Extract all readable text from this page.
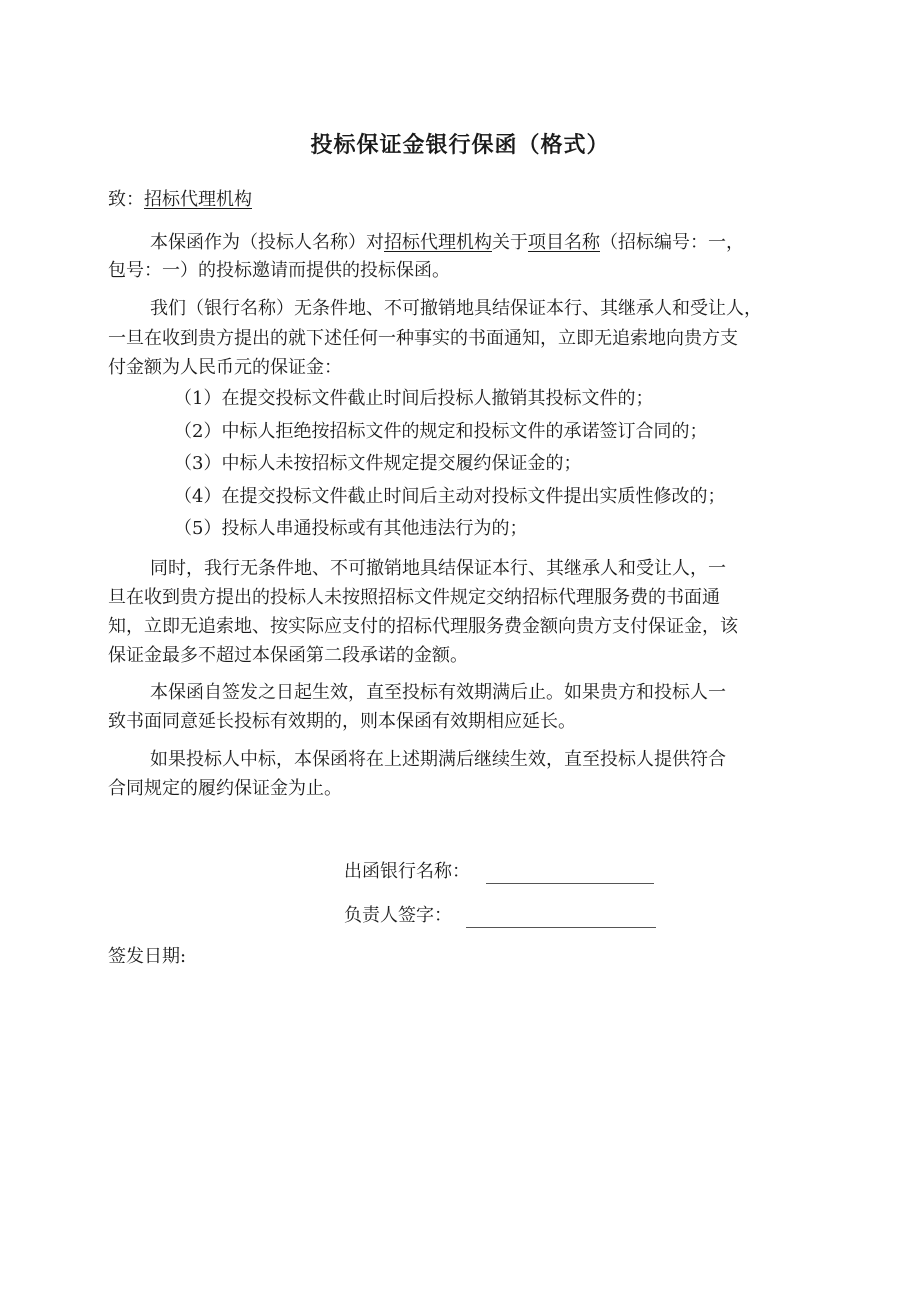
投标保证金银行保函（格式）

致：招标代理机构

本保函作为（投标人名称）对招标代理机构关于项目名称（招标编号：一，

包号：一）的投标邀请而提供的投标保函。

我们（银行名称）无条件地、不可撤销地具结保证本行、其继承人和受让人，

一旦在收到贵方提出的就下述任何一种事实的书面通知，立即无追索地向贵方支

付金额为人民币元的保证金：

（1）在提交投标文件截止时间后投标人撤销其投标文件的；

（2）中标人拒绝按招标文件的规定和投标文件的承诺签订合同的；

（3）中标人未按招标文件规定提交履约保证金的；

（4）在提交投标文件截止时间后主动对投标文件提出实质性修改的；

（5）投标人串通投标或有其他违法行为的；

同时，我行无条件地、不可撤销地具结保证本行、其继承人和受让人，一

旦在收到贵方提出的投标人未按照招标文件规定交纳招标代理服务费的书面通

知，立即无追索地、按实际应支付的招标代理服务费金额向贵方支付保证金，该

保证金最多不超过本保函第二段承诺的金额。

本保函自签发之日起生效，直至投标有效期满后止。如果贵方和投标人一

致书面同意延长投标有效期的，则本保函有效期相应延长。

如果投标人中标，本保函将在上述期满后继续生效，直至投标人提供符合

合同规定的履约保证金为止。

出函银行名称：
负责人签字：

签发日期:
